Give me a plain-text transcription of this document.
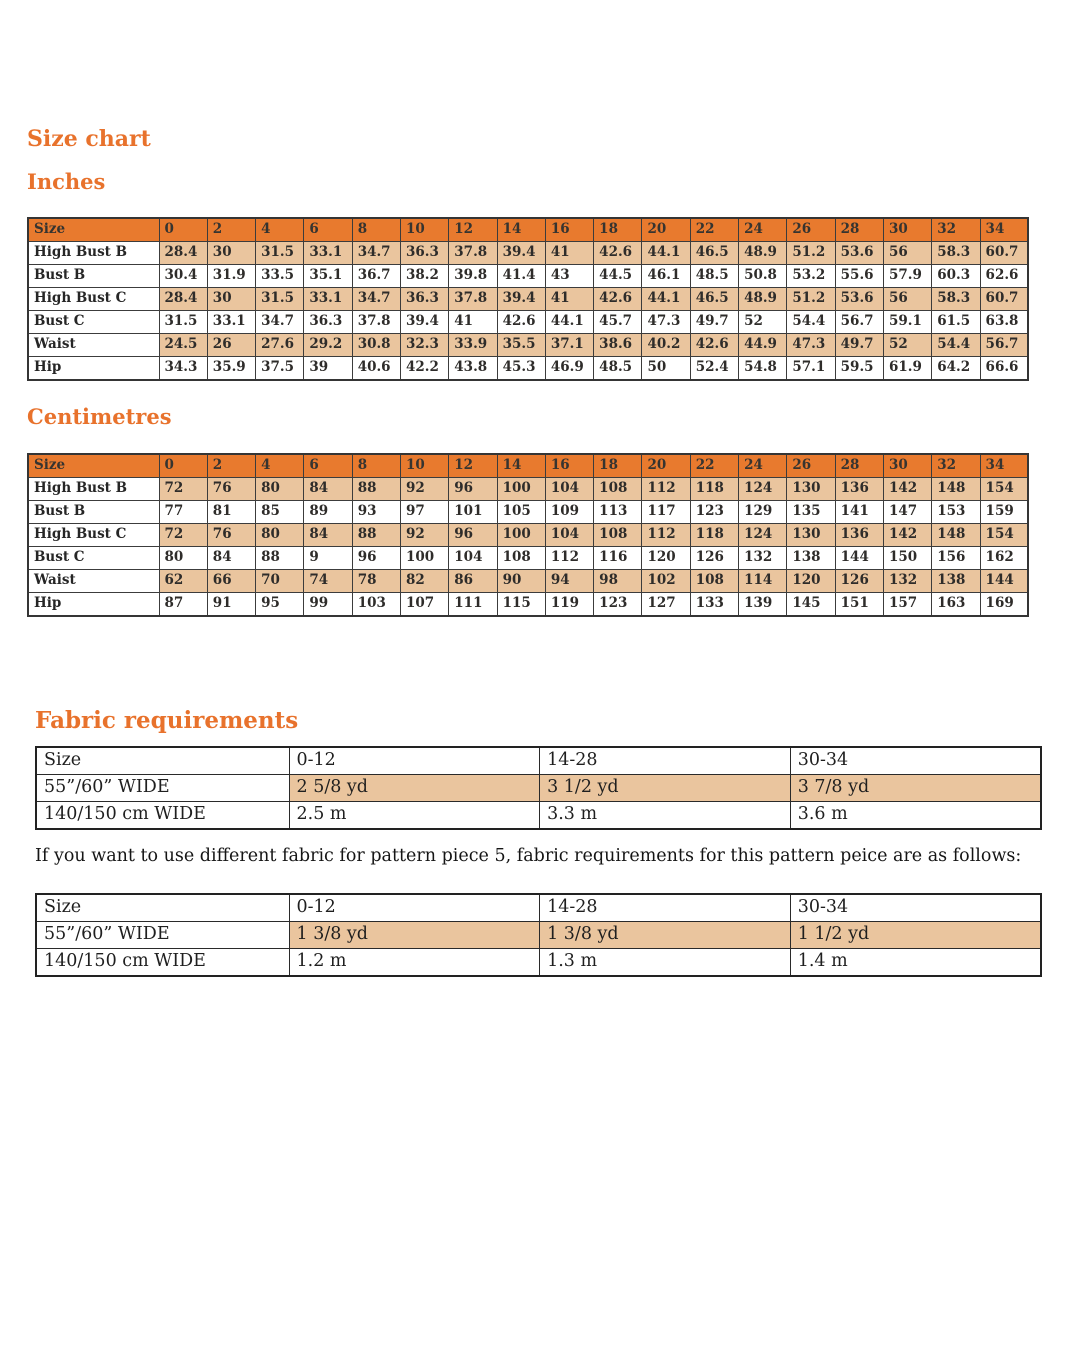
Size chart
Inches
Size	0	2	4	6	8	10	12	14	16	18	20	22	24	26	28	30	32	34
High Bust B	28.4	30	31.5	33.1	34.7	36.3	37.8	39.4	41	42.6	44.1	46.5	48.9	51.2	53.6	56	58.3	60.7
Bust B	30.4	31.9	33.5	35.1	36.7	38.2	39.8	41.4	43	44.5	46.1	48.5	50.8	53.2	55.6	57.9	60.3	62.6
High Bust C	28.4	30	31.5	33.1	34.7	36.3	37.8	39.4	41	42.6	44.1	46.5	48.9	51.2	53.6	56	58.3	60.7
Bust C	31.5	33.1	34.7	36.3	37.8	39.4	41	42.6	44.1	45.7	47.3	49.7	52	54.4	56.7	59.1	61.5	63.8
Waist	24.5	26	27.6	29.2	30.8	32.3	33.9	35.5	37.1	38.6	40.2	42.6	44.9	47.3	49.7	52	54.4	56.7
Hip	34.3	35.9	37.5	39	40.6	42.2	43.8	45.3	46.9	48.5	50	52.4	54.8	57.1	59.5	61.9	64.2	66.6
Centimetres
Size	0	2	4	6	8	10	12	14	16	18	20	22	24	26	28	30	32	34
High Bust B	72	76	80	84	88	92	96	100	104	108	112	118	124	130	136	142	148	154
Bust B	77	81	85	89	93	97	101	105	109	113	117	123	129	135	141	147	153	159
High Bust C	72	76	80	84	88	92	96	100	104	108	112	118	124	130	136	142	148	154
Bust C	80	84	88	9	96	100	104	108	112	116	120	126	132	138	144	150	156	162
Waist	62	66	70	74	78	82	86	90	94	98	102	108	114	120	126	132	138	144
Hip	87	91	95	99	103	107	111	115	119	123	127	133	139	145	151	157	163	169
Fabric requirements
Size	0-12	14-28	30-34
55”/60” WIDE	2 5/8 yd	3 1/2 yd	3 7/8 yd
140/150 cm WIDE	2.5 m	3.3 m	3.6 m

If you want to use different fabric for pattern piece 5, fabric requirements for this pattern peice are as follows:

Size	0-12	14-28	30-34
55”/60” WIDE	1 3/8 yd	1 3/8 yd	1 1/2 yd
140/150 cm WIDE	1.2 m	1.3 m	1.4 m
